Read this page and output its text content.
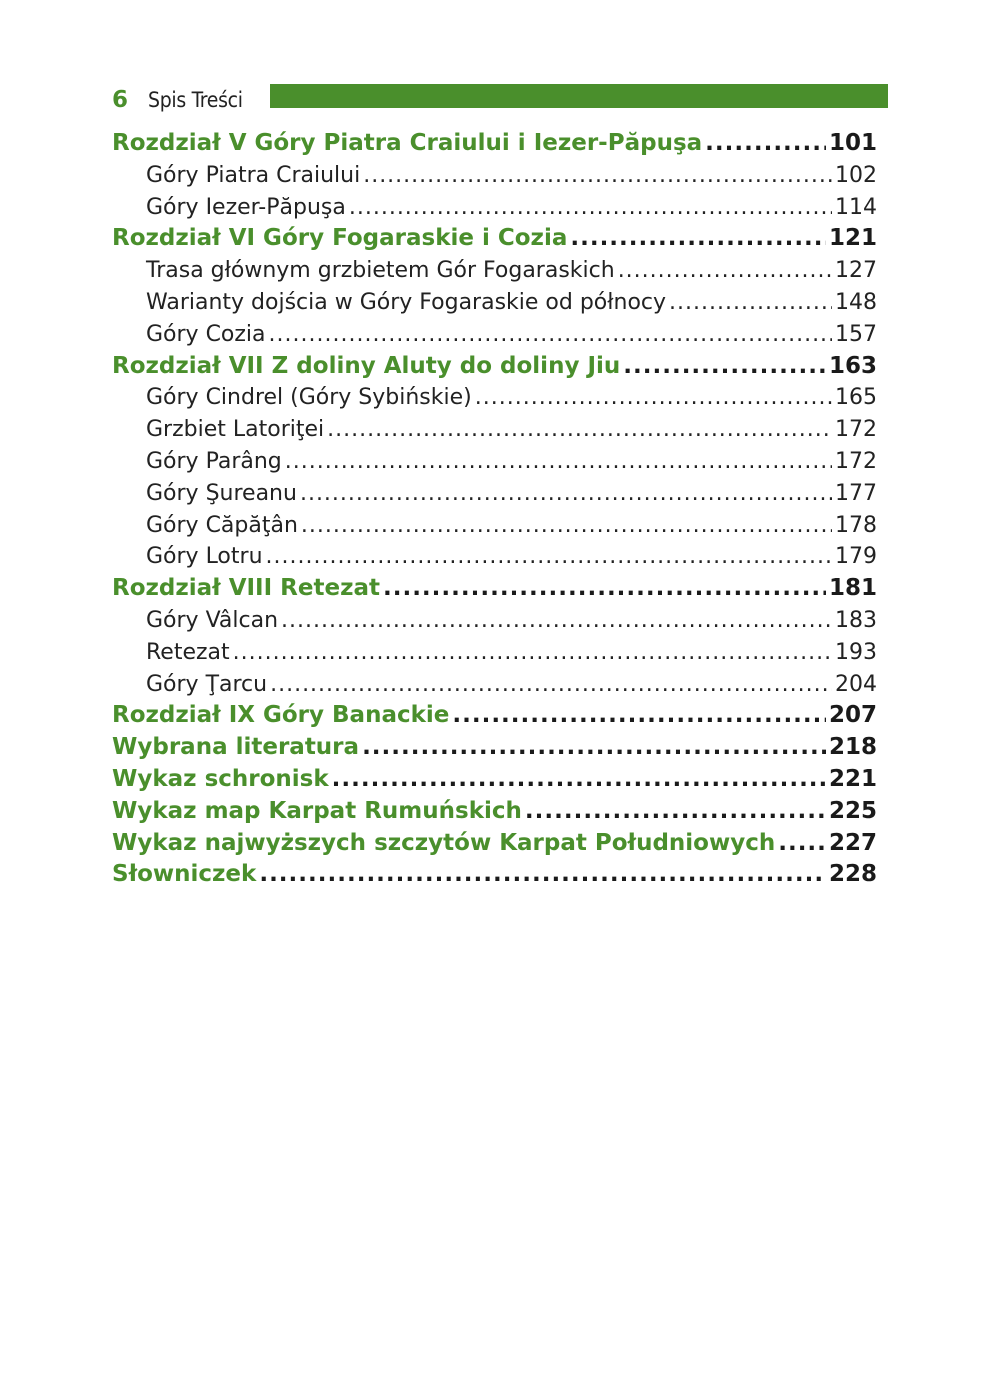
6 Spis Treści
Rozdział V Góry Piatra Craiului i Iezer-Păpuşa .....	101
Góry Piatra Craiului .....	102
Góry Iezer-Păpuşa .....	114
Rozdział VI Góry Fogaraskie i Cozia .....	121
Trasa głównym grzbietem Gór Fogaraskich .....	127
Warianty dojścia w Góry Fogaraskie od północy .....	148
Góry Cozia .....	157
Rozdział VII Z doliny Aluty do doliny Jiu .....	163
Góry Cindrel (Góry Sybińskie) .....	165
Grzbiet Latoriţei .....	172
Góry Parâng .....	172
Góry Şureanu .....	177
Góry Căpăţân .....	178
Góry Lotru .....	179
Rozdział VIII Retezat .....	181
Góry Vâlcan .....	183
Retezat .....	193
Góry Ţarcu .....	204
Rozdział IX Góry Banackie .....	207
Wybrana literatura .....	218
Wykaz schronisk .....	221
Wykaz map Karpat Rumuńskich .....	225
Wykaz najwyższych szczytów Karpat Południowych ..... 227
Słowniczek .....	228
